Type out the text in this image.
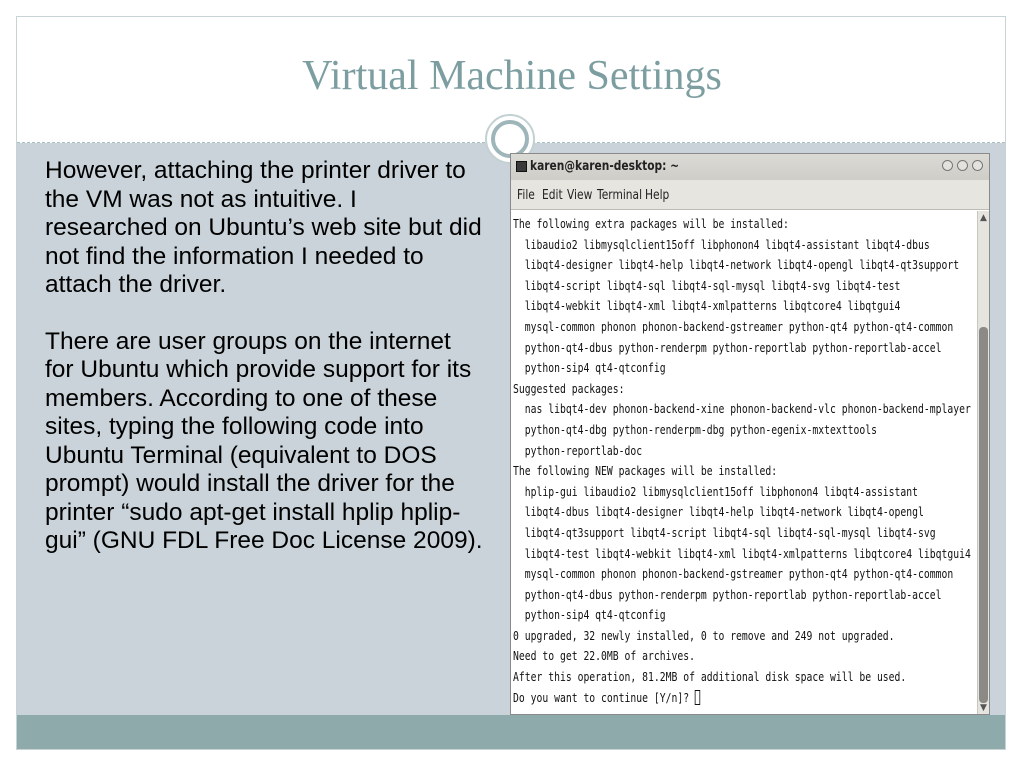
Virtual Machine Settings

However, attaching the printer driver to the VM was not as intuitive. I researched on Ubuntu’s web site but did not find the information I needed to attach the driver.

There are user groups on the internet for Ubuntu which provide support for its members. According to one of these sites, typing the following code into Ubuntu Terminal (equivalent to DOS prompt) would install the driver for the printer “sudo apt-get install hplip hplip-gui” (GNU FDL Free Doc License 2009).

karen@karen-desktop: ~
File Edit View Terminal Help
The following extra packages will be installed:
libaudio2 libmysqlclient15off libphonon4 libqt4-assistant libqt4-dbus
libqt4-designer libqt4-help libqt4-network libqt4-opengl libqt4-qt3support
libqt4-script libqt4-sql libqt4-sql-mysql libqt4-svg libqt4-test
libqt4-webkit libqt4-xml libqt4-xmlpatterns libqtcore4 libqtgui4
mysql-common phonon phonon-backend-gstreamer python-qt4 python-qt4-common
python-qt4-dbus python-renderpm python-reportlab python-reportlab-accel
python-sip4 qt4-qtconfig
Suggested packages:
nas libqt4-dev phonon-backend-xine phonon-backend-vlc phonon-backend-mplayer
python-qt4-dbg python-renderpm-dbg python-egenix-mxtexttools
python-reportlab-doc
The following NEW packages will be installed:
hplip-gui libaudio2 libmysqlclient15off libphonon4 libqt4-assistant
libqt4-dbus libqt4-designer libqt4-help libqt4-network libqt4-opengl
libqt4-qt3support libqt4-script libqt4-sql libqt4-sql-mysql libqt4-svg
libqt4-test libqt4-webkit libqt4-xml libqt4-xmlpatterns libqtcore4 libqtgui4
mysql-common phonon phonon-backend-gstreamer python-qt4 python-qt4-common
python-qt4-dbus python-renderpm python-reportlab python-reportlab-accel
python-sip4 qt4-qtconfig
0 upgraded, 32 newly installed, 0 to remove and 249 not upgraded.
Need to get 22.0MB of archives.
After this operation, 81.2MB of additional disk space will be used.
Do you want to continue [Y/n]?
▲
▼
